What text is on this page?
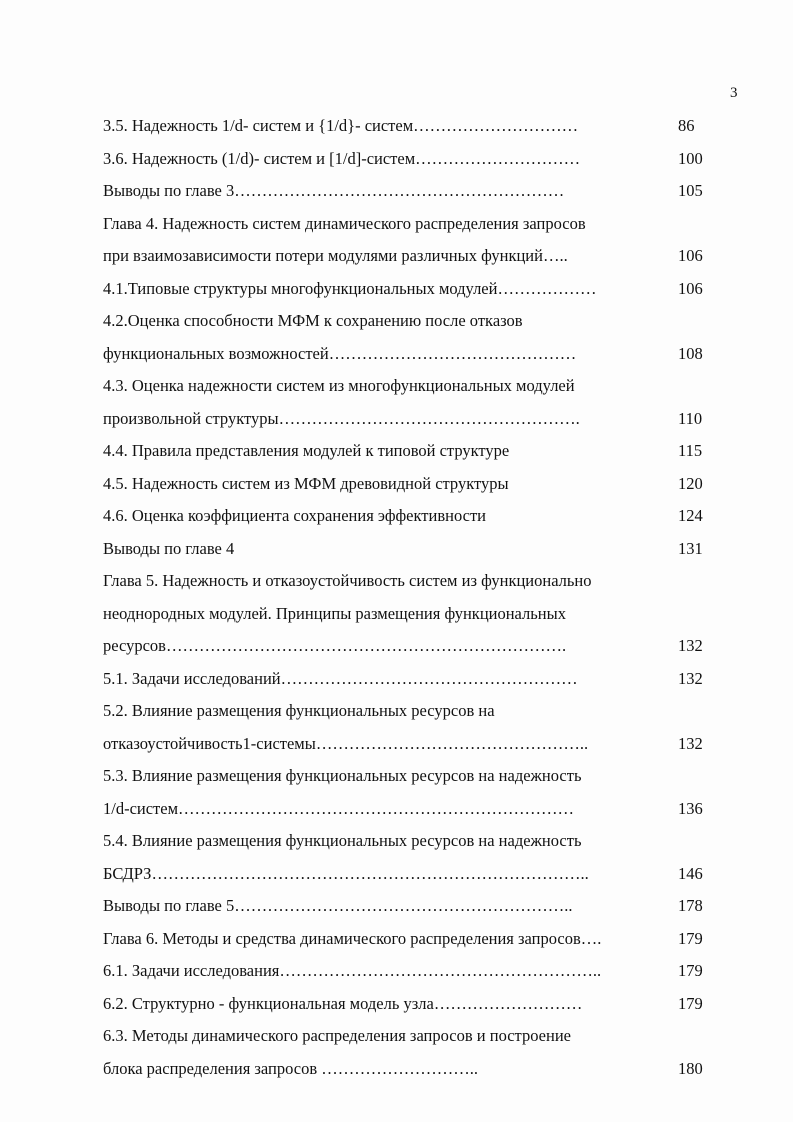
3
3.5. Надежность 1/d- систем и {1/d}- систем…………………………	86
3.6. Надежность (1/d)- систем и [1/d]-систем…………………………	100
Выводы по главе 3……………………………………………………	105
Глава 4. Надежность систем динамического распределения запросов
при взаимозависимости потери модулями различных функций…..	106
4.1.Типовые структуры многофункциональных модулей………………	106
4.2.Оценка способности МФМ к сохранению после отказов
функциональных возможностей………………………………………	108
4.3. Оценка надежности систем из многофункциональных модулей
произвольной структуры……………………………………………….	110
4.4. Правила представления модулей к типовой структуре	115
4.5. Надежность систем из МФМ древовидной структуры	120
4.6. Оценка коэффициента сохранения эффективности	124
Выводы по главе 4	131
Глава 5. Надежность и отказоустойчивость систем из функционально
неоднородных модулей. Принципы размещения функциональных
ресурсов……………………………………………………………….	132
5.1. Задачи исследований………………………………………………	132
5.2. Влияние размещения функциональных ресурсов на
отказоустойчивость1-системы…………………………………………..	132
5.3. Влияние размещения функциональных ресурсов на надежность
1/d-систем………………………………………………………………	136
5.4. Влияние размещения функциональных ресурсов на надежность
БСДРЗ……………………………………………………………………..	146
Выводы по главе 5……………………………………………………..	178
Глава 6. Методы и средства динамического распределения запросов….	179
6.1. Задачи исследования…………………………………………………..	179
6.2. Структурно - функциональная модель узла………………………	179
6.3. Методы динамического распределения запросов и построение
блока распределения запросов ………………………..	180
